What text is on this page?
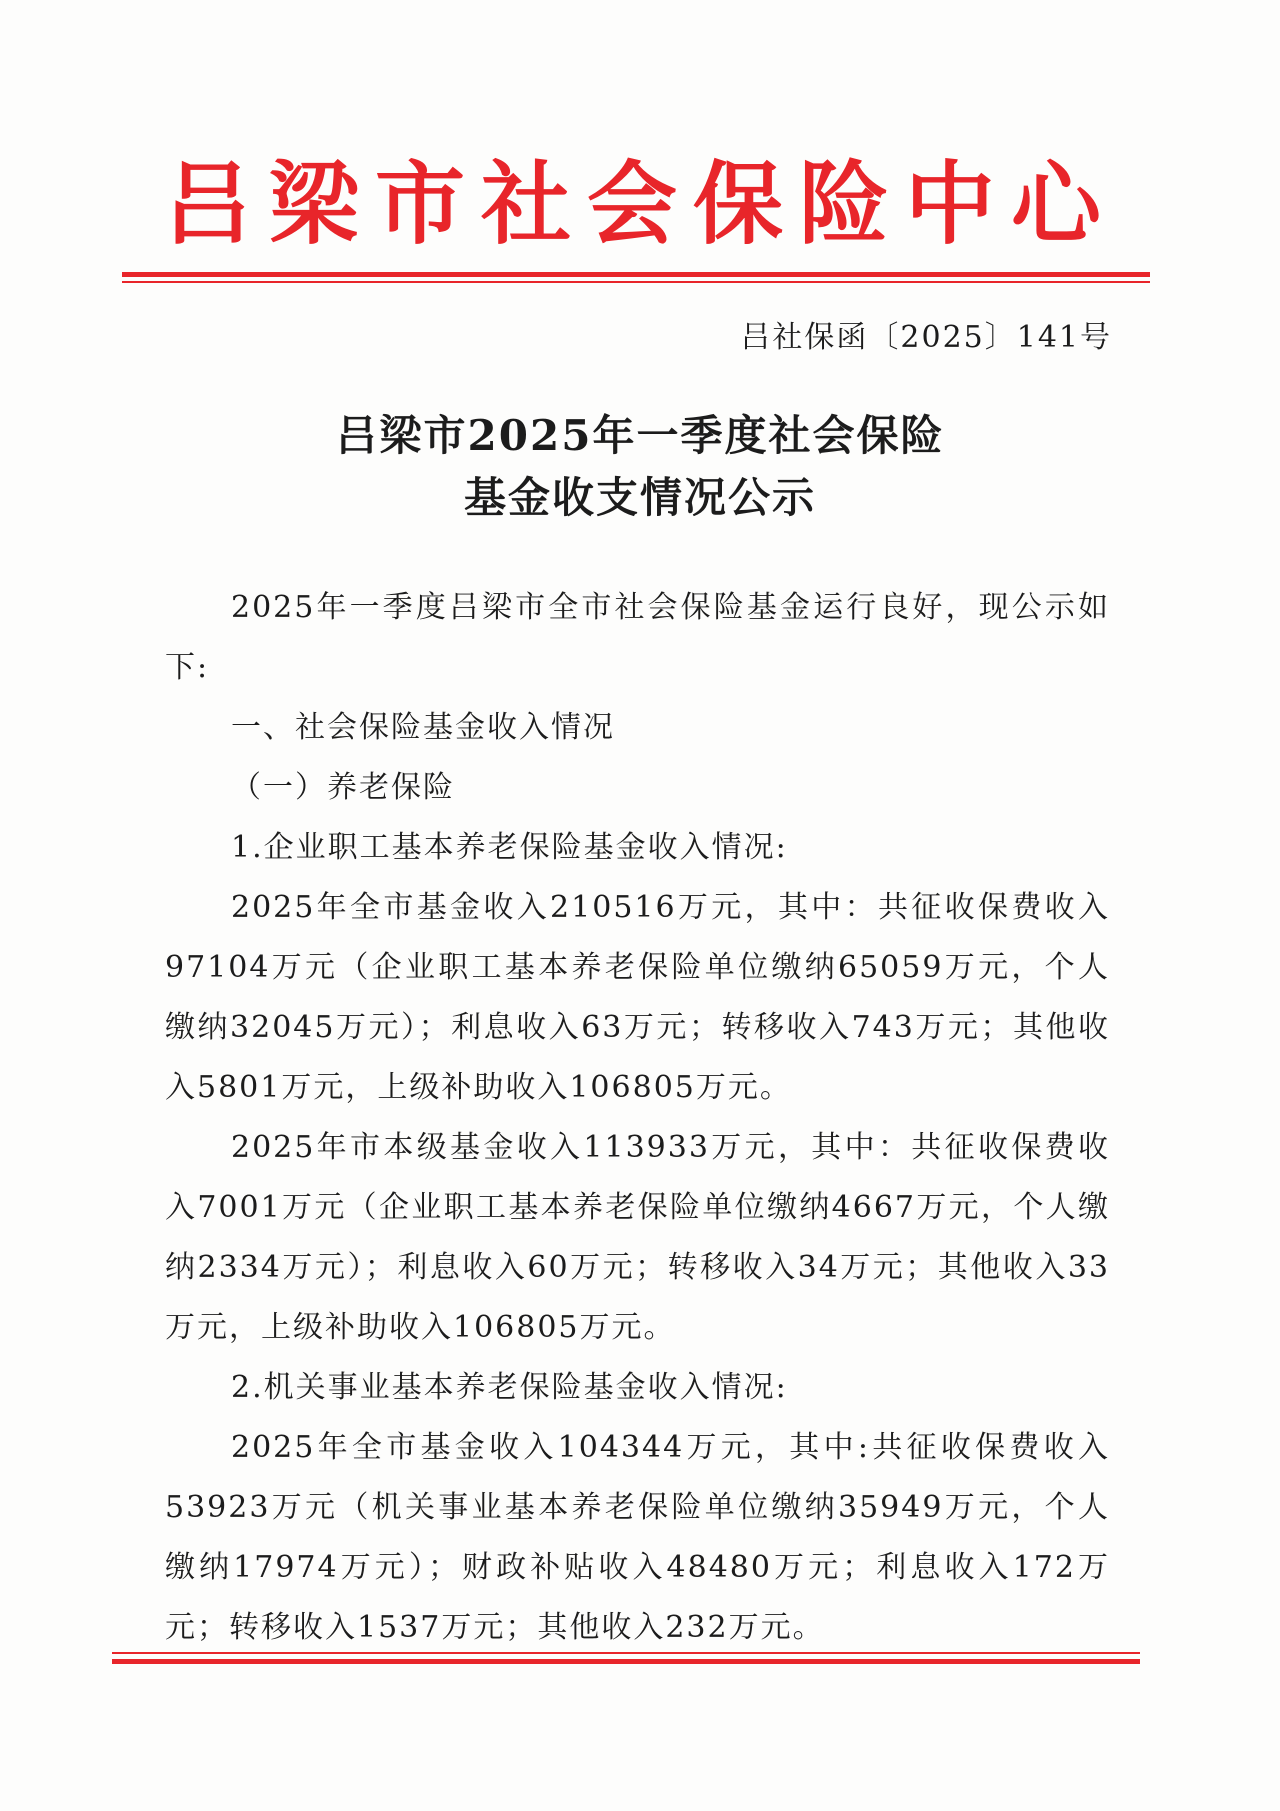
吕梁市社会保险中心
吕社保函〔2025〕141号
吕梁市2025年一季度社会保险
基金收支情况公示

2025年一季度吕梁市全市社会保险基金运行良好，现公示如下:

一、社会保险基金收入情况

（一）养老保险

1.企业职工基本养老保险基金收入情况:

2025年全市基金收入210516万元，其中：共征收保费收入97104万元（企业职工基本养老保险单位缴纳65059万元，个人缴纳32045万元）；利息收入63万元；转移收入743万元；其他收入5801万元，上级补助收入106805万元。

2025年市本级基金收入113933万元，其中：共征收保费收入7001万元（企业职工基本养老保险单位缴纳4667万元，个人缴纳2334万元）；利息收入60万元；转移收入34万元；其他收入33万元，上级补助收入106805万元。

2.机关事业基本养老保险基金收入情况:

2025年全市基金收入104344万元，其中:共征收保费收入53923万元（机关事业基本养老保险单位缴纳35949万元，个人缴纳17974万元）；财政补贴收入48480万元；利息收入172万元；转移收入1537万元；其他收入232万元。
